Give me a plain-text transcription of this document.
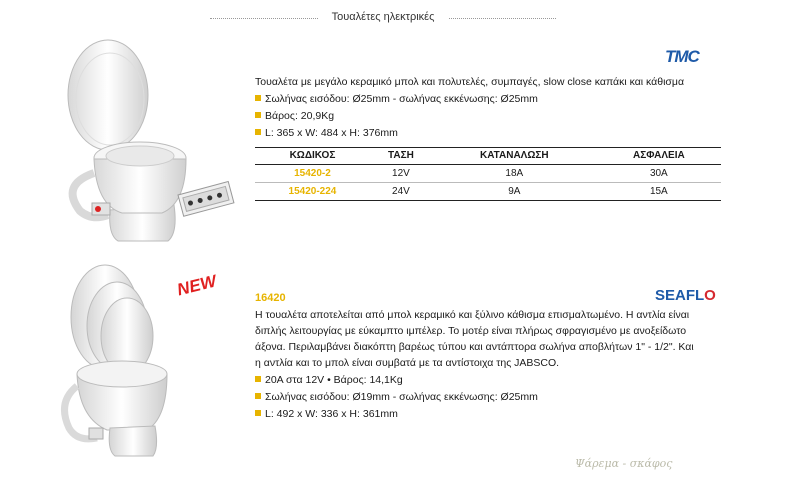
Τουαλέτες ηλεκτρικές
TMC
Τουαλέτα με μεγάλο κεραμικό μπολ και πολυτελές, συμπαγές, slow close καπάκι και κάθισμα
Σωλήνας εισόδου: Ø25mm - σωλήνας εκκένωσης: Ø25mm
Βάρος: 20,9Kg
L: 365 x W: 484 x H: 376mm
ΚΩΔΙΚΟΣ	ΤΑΣΗ	ΚΑΤΑΝΑΛΩΣΗ	ΑΣΦΑΛΕΙΑ
15420-2	12V	18A	30A
15420-224	24V	9A	15A
NEW	SEAFLO
16420
Η τουαλέτα αποτελείται από μπολ κεραμικό και ξύλινο κάθισμα επισμαλτωμένο. Η αντλία είναι
διπλής λειτουργίας με εύκαμπτο ιμπέλερ. Το μοτέρ είναι πλήρως σφραγισμένο με ανοξείδωτο
άξονα. Περιλαμβάνει διακόπτη βαρέως τύπου και αντάπτορα σωλήνα αποβλήτων 1" - 1/2". Και
η αντλία και το μπολ είναι συμβατά με τα αντίστοιχα της JABSCO.
20A στα 12V • Βάρος: 14,1Kg
Σωλήνας εισόδου: Ø19mm - σωλήνας εκκένωσης: Ø25mm
L: 492 x W: 336 x H: 361mm
Ψάρεμα - σκάφος
